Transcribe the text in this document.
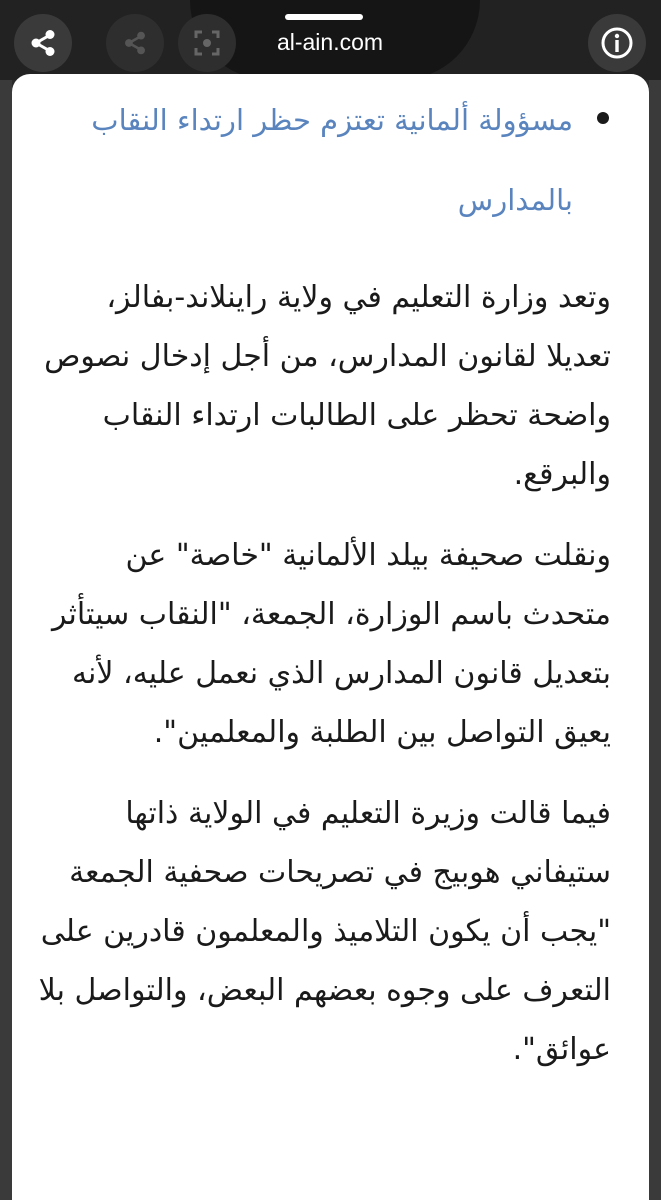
al-ain.com

مسؤولة ألمانية تعتزم حظر ارتداء النقاب بالمدارس

وتعد وزارة التعليم في ولاية راينلاند-بفالز، تعديلا لقانون المدارس، من أجل إدخال نصوص واضحة تحظر على الطالبات ارتداء النقاب والبرقع.

ونقلت صحيفة بيلد الألمانية "خاصة" عن متحدث باسم الوزارة، الجمعة، "النقاب سيتأثر بتعديل قانون المدارس الذي نعمل عليه، لأنه يعيق التواصل بين الطلبة والمعلمين".

فيما قالت وزيرة التعليم في الولاية ذاتها ستيفاني هوبيج في تصريحات صحفية الجمعة "يجب أن يكون التلاميذ والمعلمون قادرين على التعرف على وجوه بعضهم البعض، والتواصل بلا عوائق".
